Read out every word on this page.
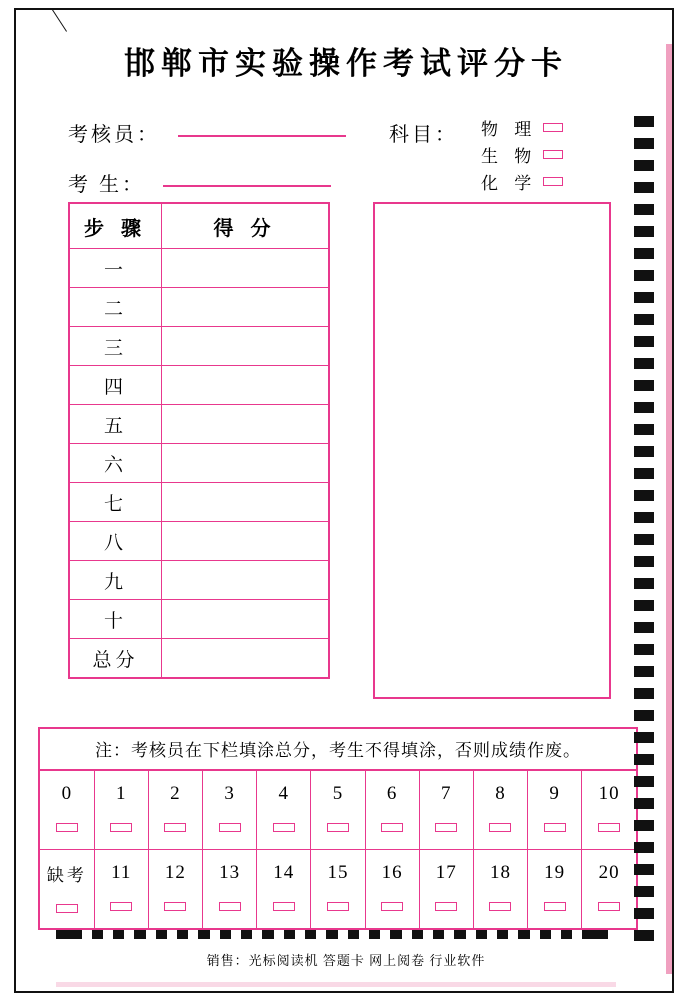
邯郸市实验操作考试评分卡
考核员：
考 生：
科目： 物 理
生 物
化 学
步 骤	得 分
一	
二	
三	
四	
五	
六	
七	
八	
九	
十	
总分	
注：考核员在下栏填涂总分，考生不得填涂，否则成绩作废。
0	1	2	3	4	5	6	7	8	9	10

缺考	11	12	13	14	15	16	17	18	19	20
销售：光标阅读机 答题卡 网上阅卷 行业软件
